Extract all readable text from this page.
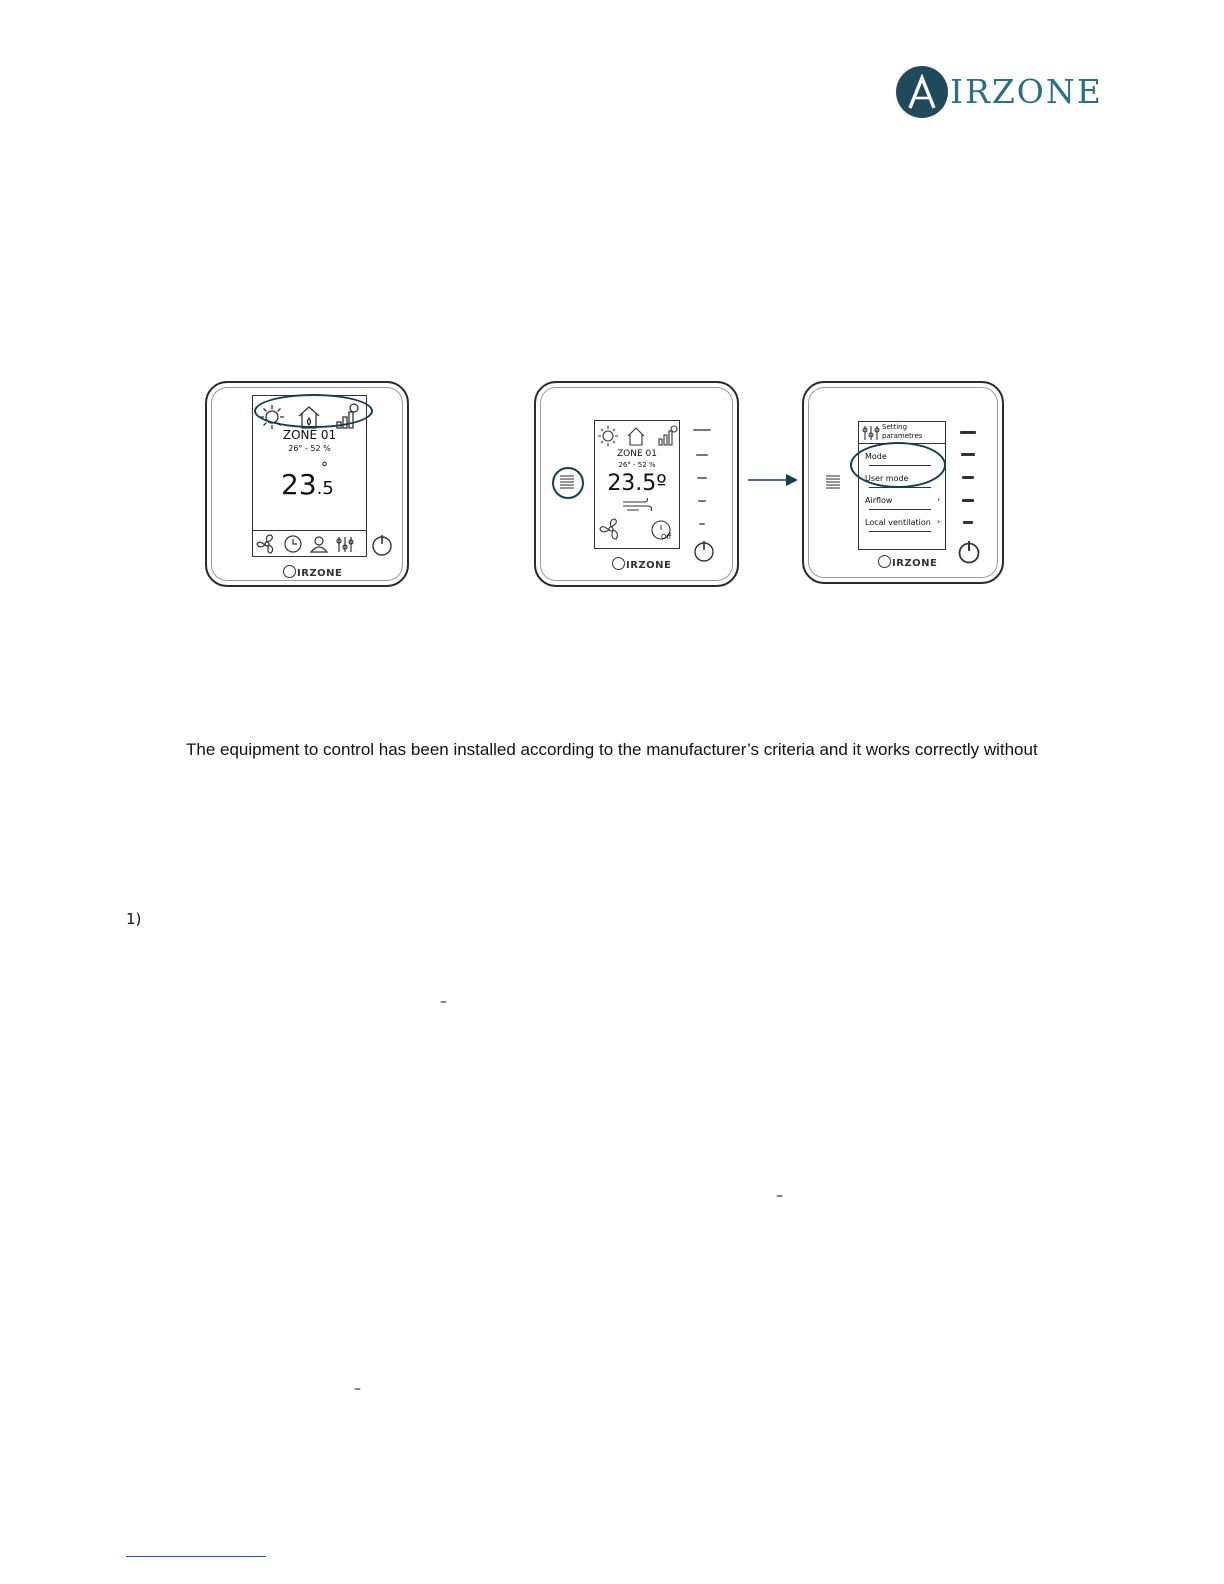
IRZONE
ZONE 01
26° - 52 %
23.5
°
IRZONE
ZONE 01
26° - 52 %
23.5º
Off
IRZONE
Setting
parametres
Mode
User mode
Airflow	›
Local ventilation ›
IRZONE
The equipment to control has been installed according to the manufacturer’s criteria and it works correctly without
1)
–
–
–
